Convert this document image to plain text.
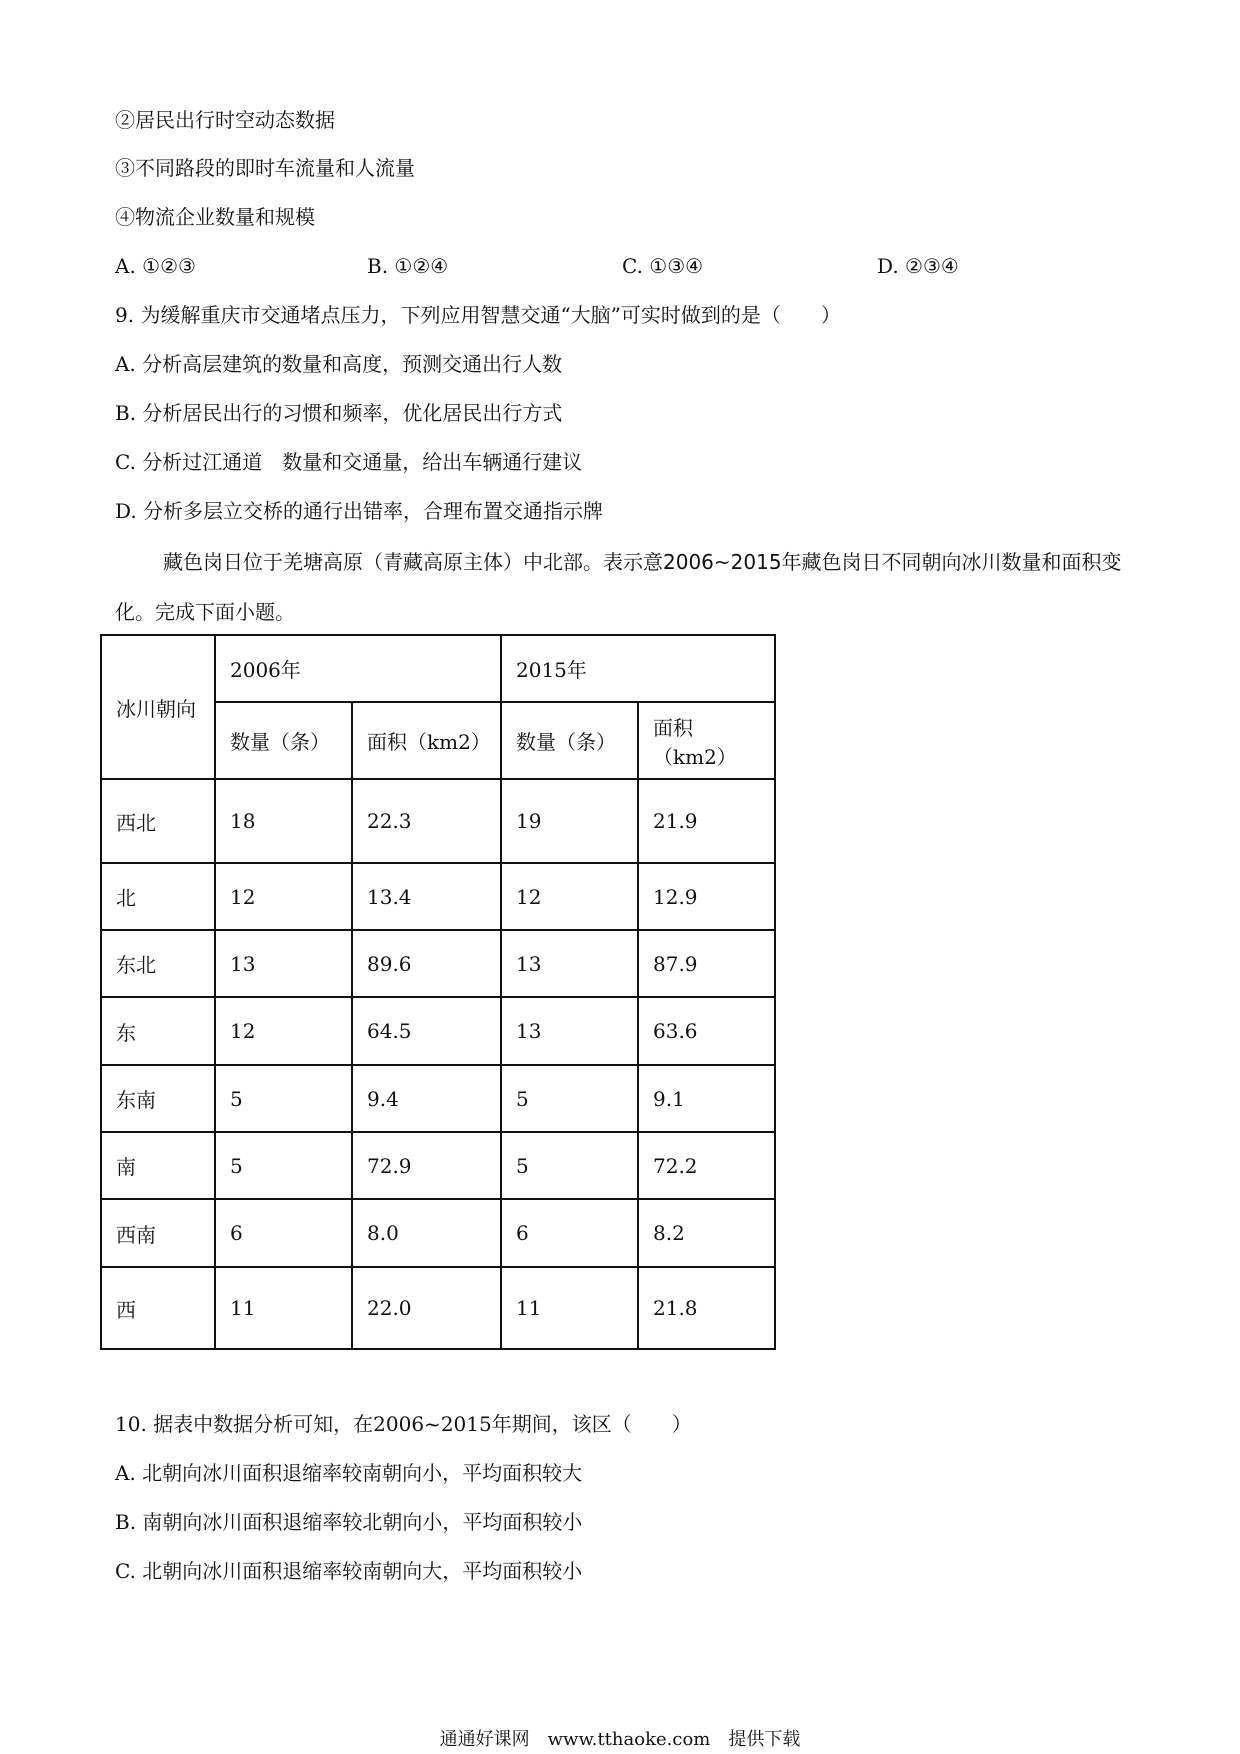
②居民出行时空动态数据
③不同路段的即时车流量和人流量
④物流企业数量和规模
A. ①②③	B. ①②④	C. ①③④	D. ②③④
9. 为缓解重庆市交通堵点压力，下列应用智慧交通“大脑”可实时做到的是（　　）
A. 分析高层建筑的数量和高度，预测交通出行人数
B. 分析居民出行的习惯和频率，优化居民出行方式
C. 分析过江通道　数量和交通量，给出车辆通行建议
D. 分析多层立交桥的通行出错率，合理布置交通指示牌
藏色岗日位于羌塘高原（青藏高原主体）中北部。表示意2006~2015年藏色岗日不同朝向冰川数量和面积变化。完成下面小题。
冰川朝向	2006年		2015年	
	数量（条）	面积（km2）	数量（条）	面积（km2）
西北	18	22.3	19	21.9
北	12	13.4	12	12.9
东北	13	89.6	13	87.9
东	12	64.5	13	63.6
东南	5	9.4	5	9.1
南	5	72.9	5	72.2
西南	6	8.0	6	8.2
西	11	22.0	11	21.8
10. 据表中数据分析可知，在2006~2015年期间，该区（　　）
A. 北朝向冰川面积退缩率较南朝向小，平均面积较大
B. 南朝向冰川面积退缩率较北朝向小，平均面积较小
C. 北朝向冰川面积退缩率较南朝向大，平均面积较小
通通好课网　www.tthaoke.com　提供下载
